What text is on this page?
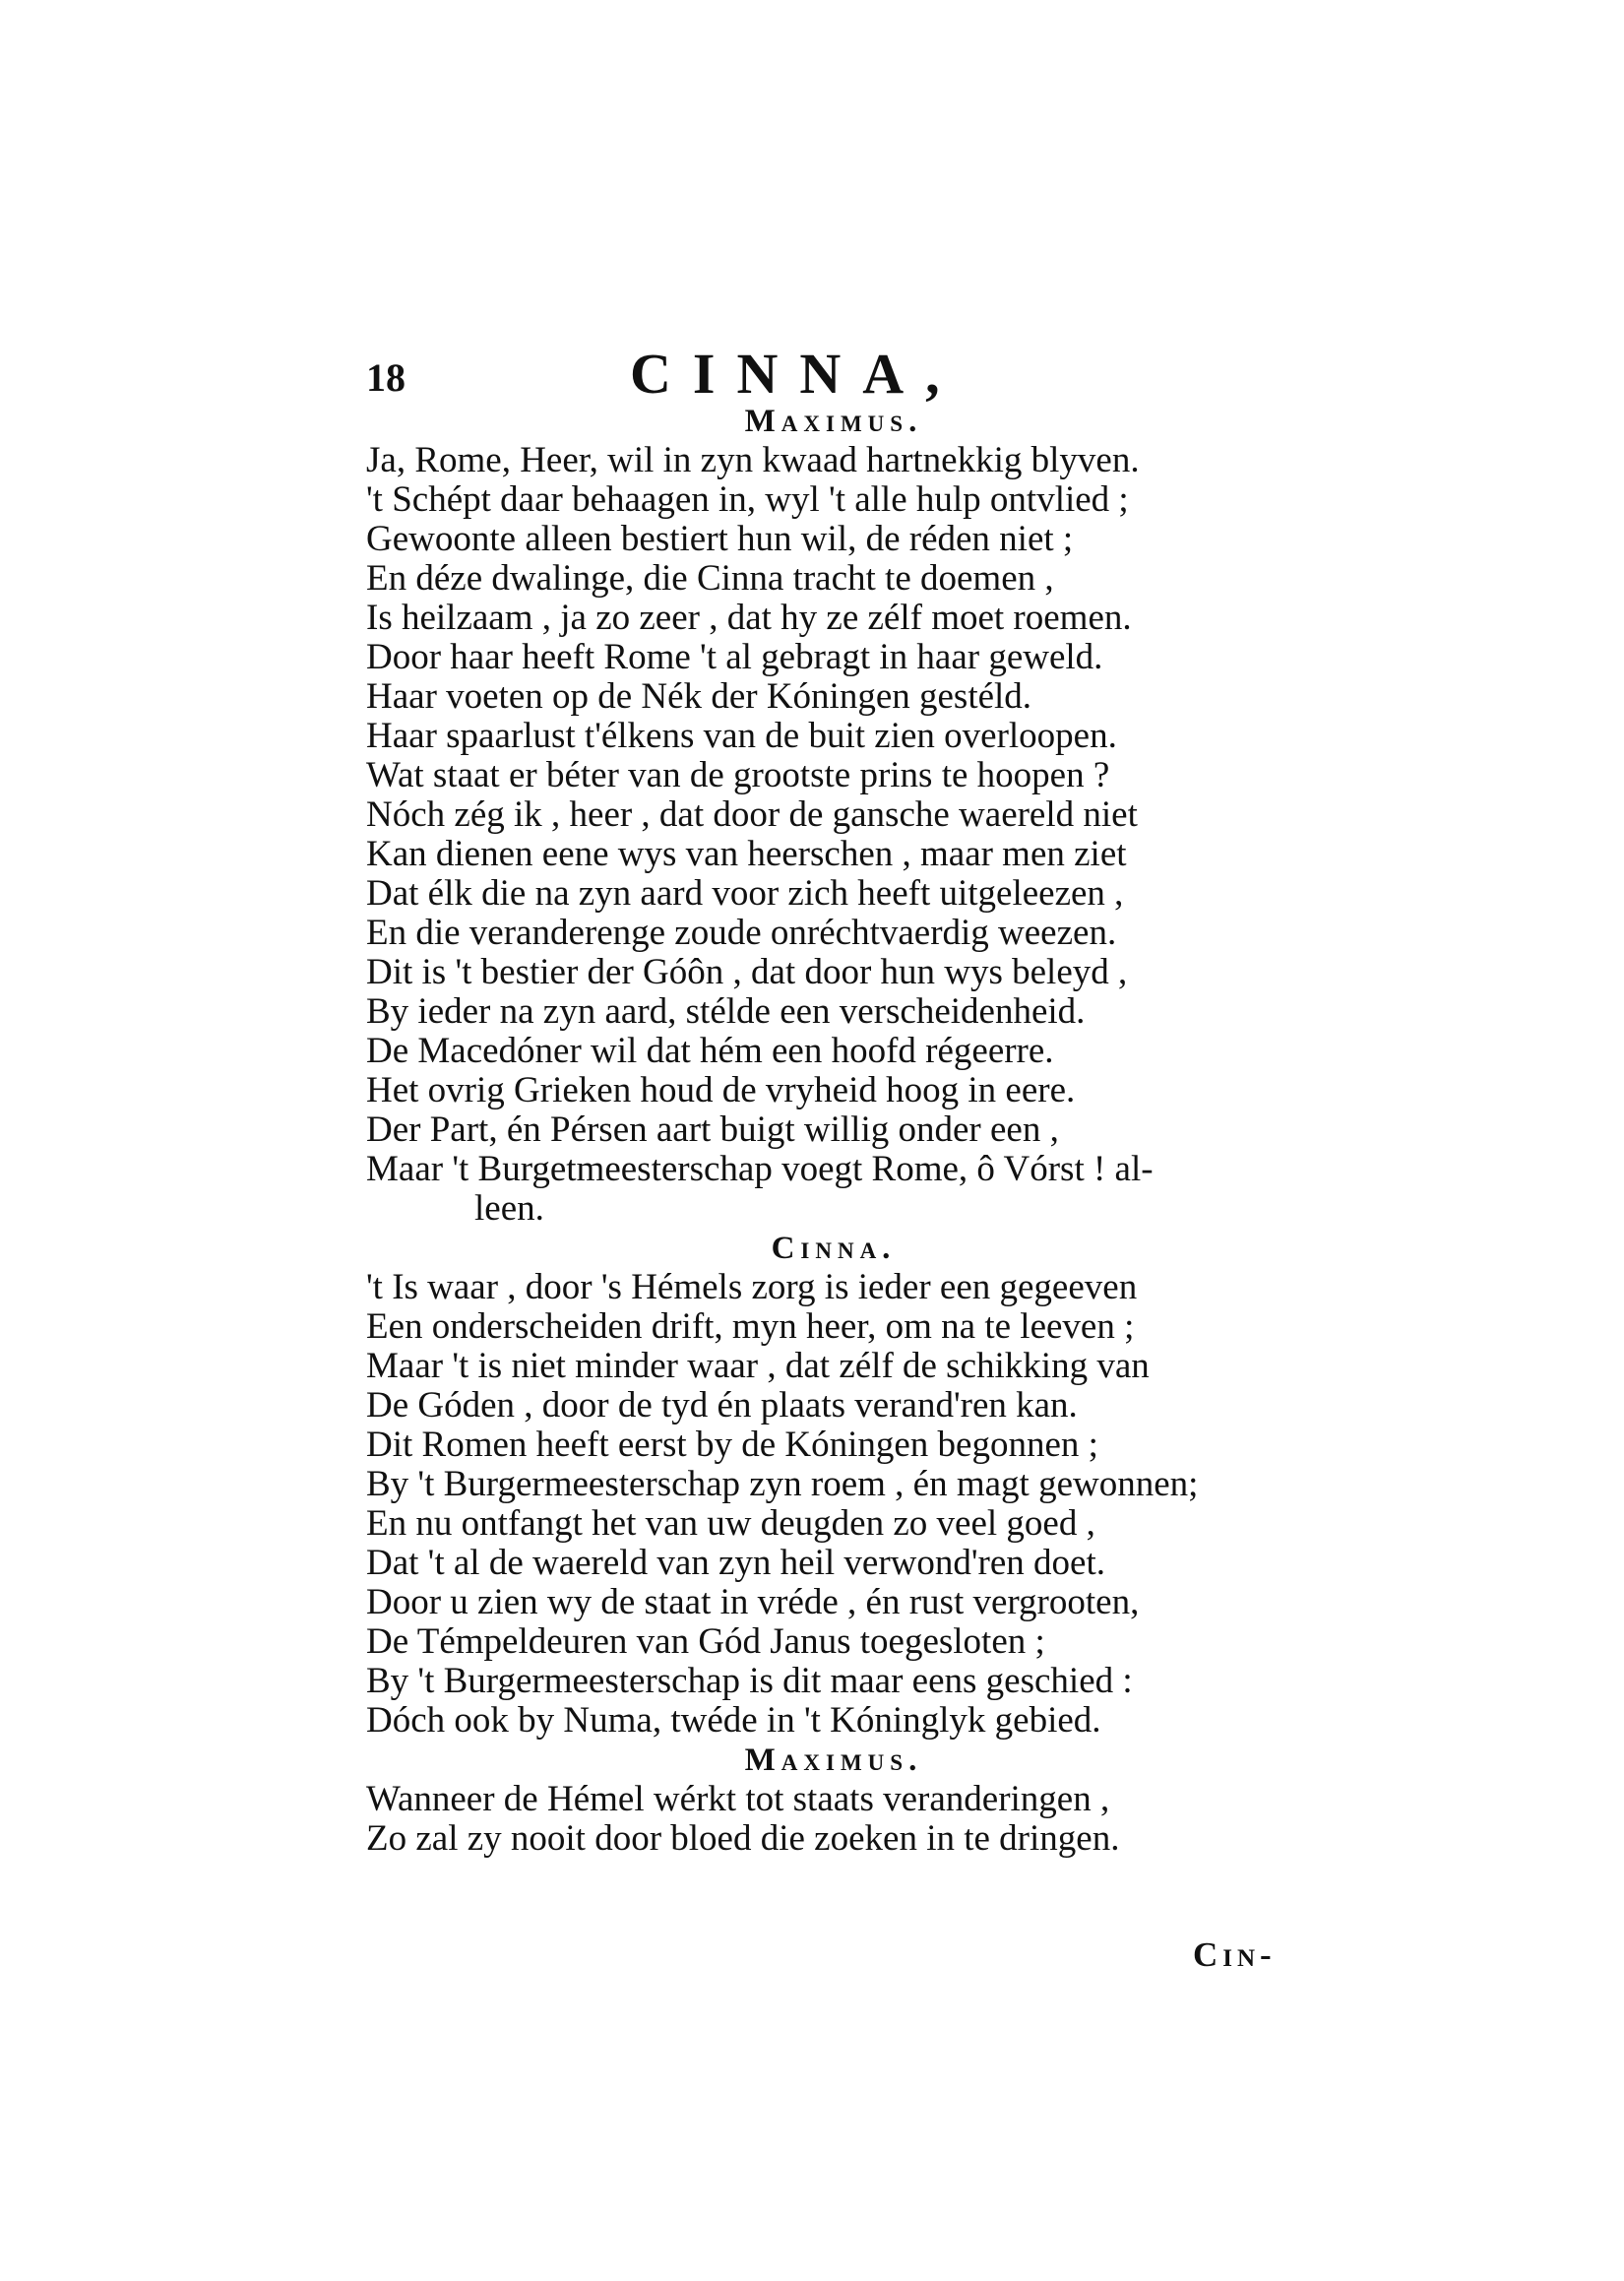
18	CINNA,
Maximus.
Ja, Rome, Heer, wil in zyn kwaad hartnekkig blyven.
't Schépt daar behaagen in, wyl 't alle hulp ontvlied ;
Gewoonte alleen bestiert hun wil, de réden niet ;
En déze dwalinge, die Cinna tracht te doemen ,
Is heilzaam , ja zo zeer , dat hy ze zélf moet roemen.
Door haar heeft Rome 't al gebragt in haar geweld.
Haar voeten op de Nék der Kóningen gestéld.
Haar spaarlust t'élkens van de buit zien overloopen.
Wat staat er béter van de grootste prins te hoopen ?
Nóch zég ik , heer , dat door de gansche waereld niet
Kan dienen eene wys van heerschen , maar men ziet
Dat élk die na zyn aard voor zich heeft uitgeleezen ,
En die veranderenge zoude onréchtvaerdig weezen.
Dit is 't bestier der Góôn , dat door hun wys beleyd ,
By ieder na zyn aard, stélde een verscheidenheid.
De Macedóner wil dat hém een hoofd régeerre.
Het ovrig Grieken houd de vryheid hoog in eere.
Der Part, én Pérsen aart buigt willig onder een ,
Maar 't Burgetmeesterschap voegt Rome, ô Vórst ! al-
leen.
Cinna.
't Is waar , door 's Hémels zorg is ieder een gegeeven
Een onderscheiden drift, myn heer, om na te leeven ;
Maar 't is niet minder waar , dat zélf de schikking van
De Góden , door de tyd én plaats verand'ren kan.
Dit Romen heeft eerst by de Kóningen begonnen ;
By 't Burgermeesterschap zyn roem , én magt gewonnen;
En nu ontfangt het van uw deugden zo veel goed ,
Dat 't al de waereld van zyn heil verwond'ren doet.
Door u zien wy de staat in vréde , én rust vergrooten,
De Témpeldeuren van Gód Janus toegesloten ;
By 't Burgermeesterschap is dit maar eens geschied :
Dóch ook by Numa, twéde in 't Kóninglyk gebied.
Maximus.
Wanneer de Hémel wérkt tot staats veranderingen ,
Zo zal zy nooit door bloed die zoeken in te dringen.
Cin-
